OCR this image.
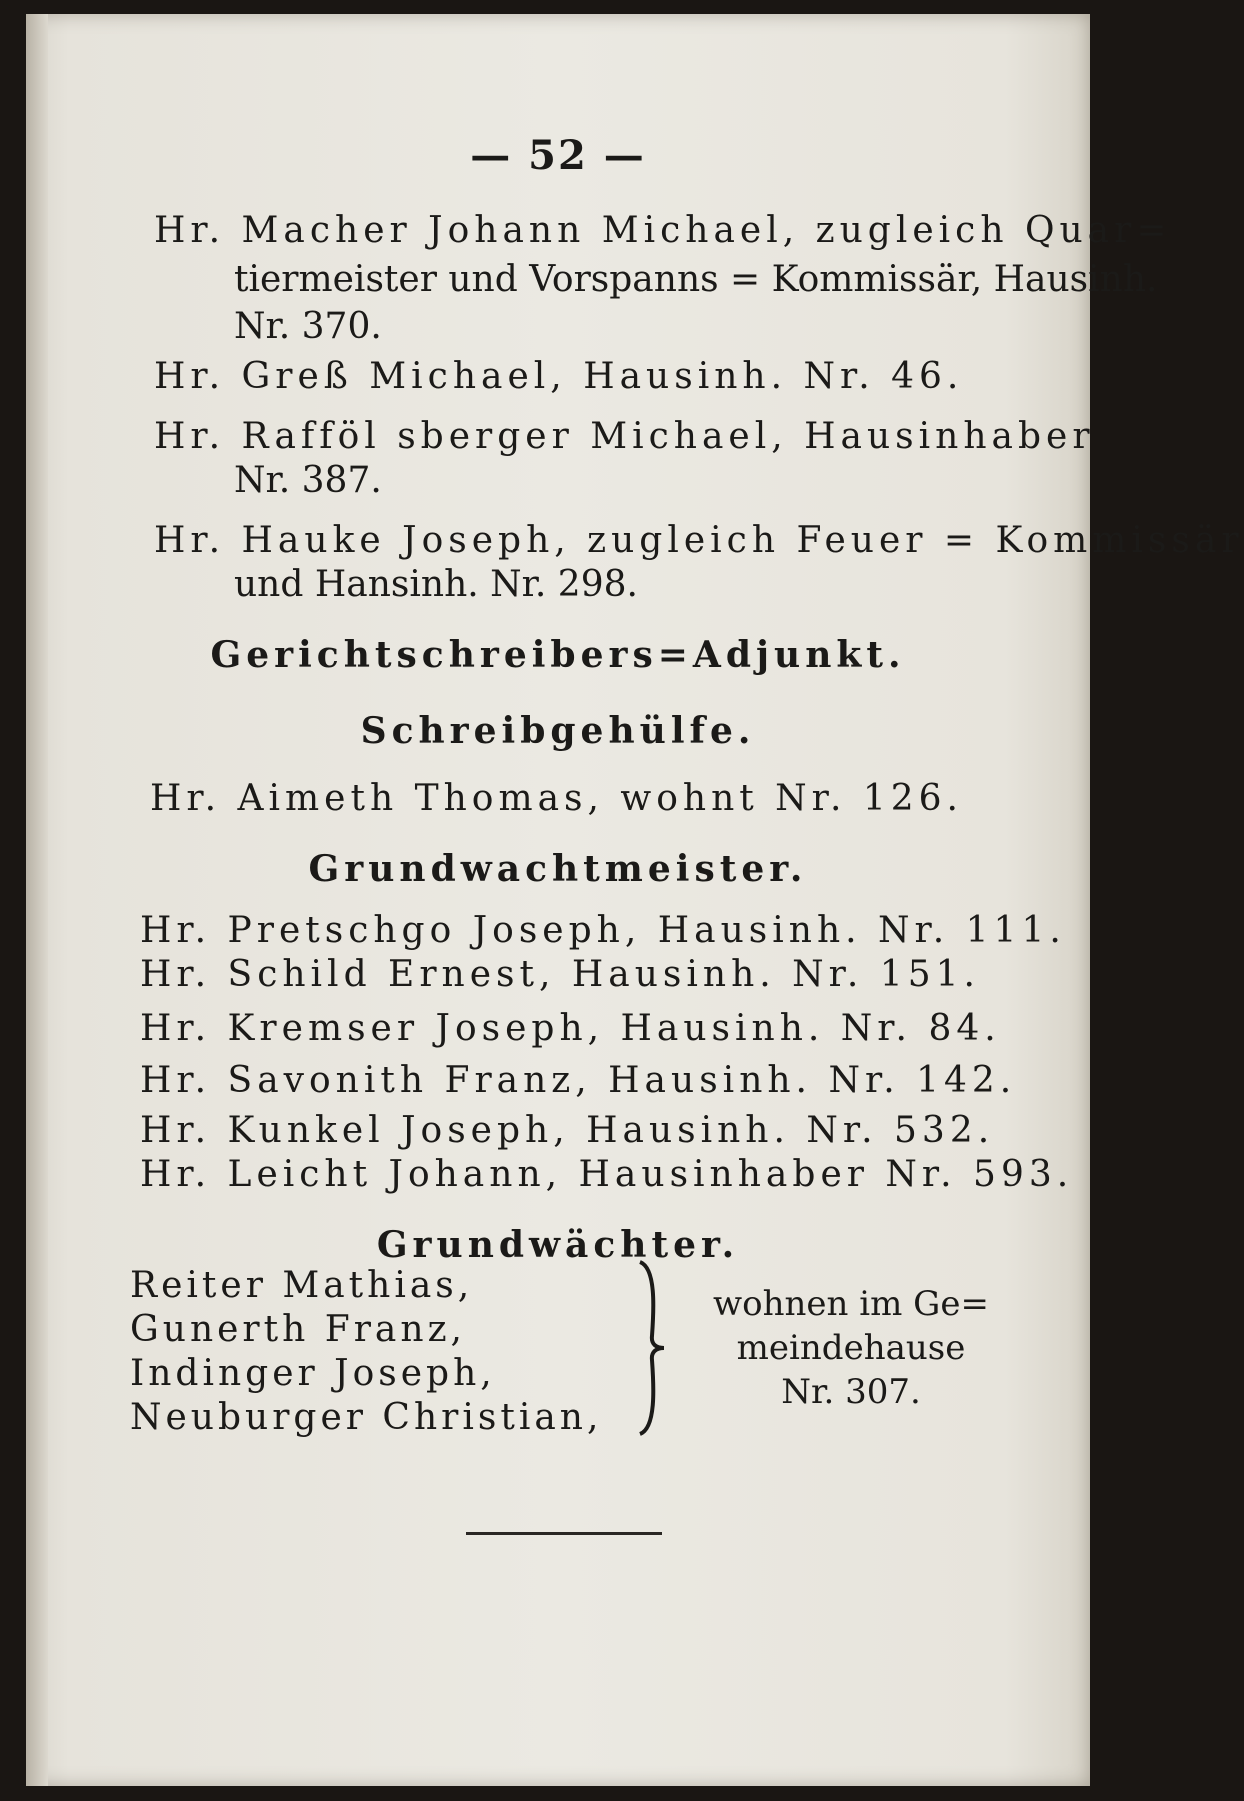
— 52 —
Hr. Macher Johann Michael, zugleich Quar=
tiermeister und Vorspanns = Kommissär, Hausinh.
Nr. 370.
Hr. Greß Michael, Hausinh. Nr. 46.
Hr. Rafföl sberger Michael, Hausinhaber
Nr. 387.
Hr. Hauke Joseph, zugleich Feuer = Kommissär
und Hansinh. Nr. 298.
Gerichtschreibers=Adjunkt.
Schreibgehülfe.
Hr. Aimeth Thomas, wohnt Nr. 126.
Grundwachtmeister.
Hr. Pretschgo Joseph, Hausinh. Nr. 111.
Hr. Schild Ernest, Hausinh. Nr. 151.
Hr. Kremser Joseph, Hausinh. Nr. 84.
Hr. Savonith Franz, Hausinh. Nr. 142.
Hr. Kunkel Joseph, Hausinh. Nr. 532.
Hr. Leicht Johann, Hausinhaber Nr. 593.
Grundwächter.
Reiter Mathias,
Gunerth Franz,
Indinger Joseph,
Neuburger Christian,
wohnen im Ge=
meindehause
Nr. 307.
